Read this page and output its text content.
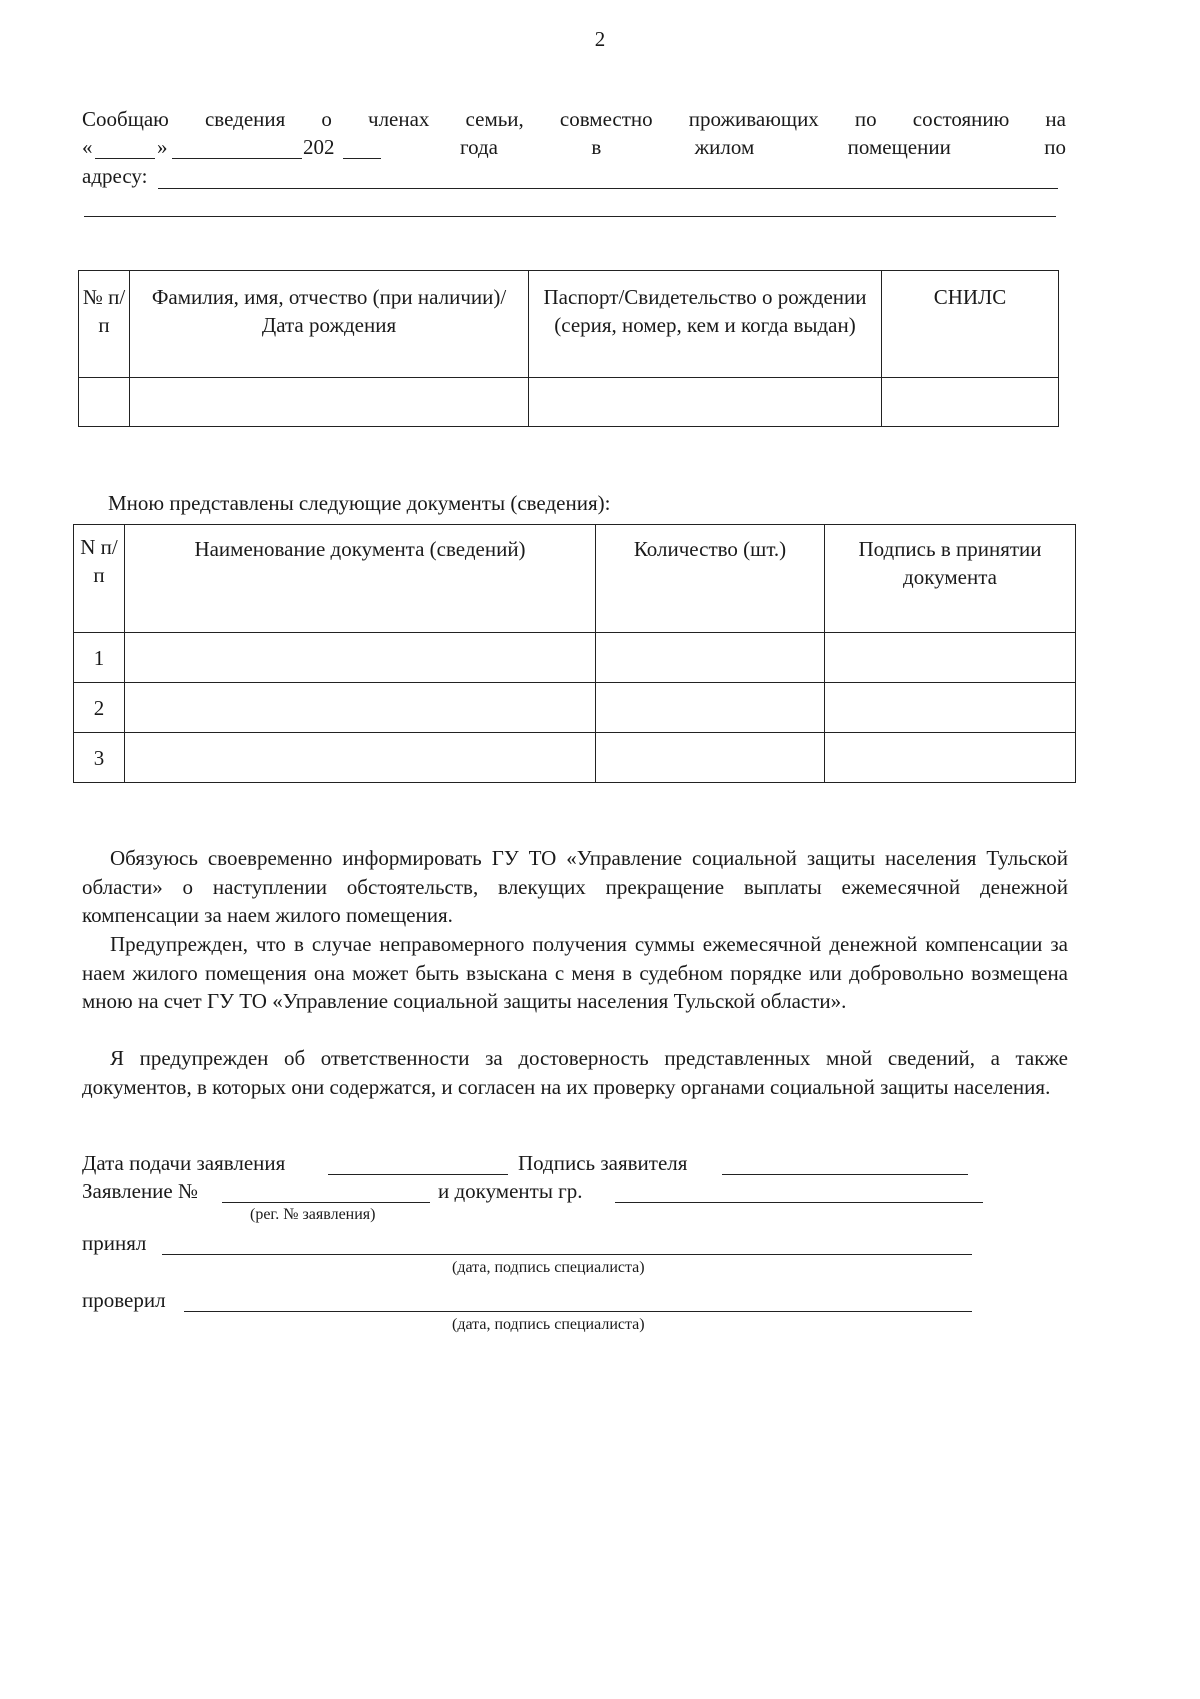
2
Сообщаю сведения о членах семьи, совместно проживающих по состоянию на
«	»	202	года	в	жилом	помещении	по
адресу:
№ п/п	Фамилия, имя, отчество (при наличии)/Дата рождения	Паспорт/Свидетельство о рождении (серия, номер, кем и когда выдан)	СНИЛС

Мною представлены следующие документы (сведения):
N п/ п	Наименование документа (сведений)	Количество (шт.)	Подпись в принятии документа
1			
2			
3			

Обязуюсь своевременно информировать ГУ ТО «Управление социальной защиты населения Тульской области» о наступлении обстоятельств, влекущих прекращение выплаты ежемесячной денежной компенсации за наем жилого помещения.

Предупрежден, что в случае неправомерного получения суммы ежемесячной денежной компенсации за наем жилого помещения она может быть взыскана с меня в судебном порядке или добровольно возмещена мною на счет ГУ ТО «Управление социальной защиты населения Тульской области».

Я предупрежден об ответственности за достоверность представленных мной сведений, а также документов, в которых они содержатся, и согласен на их проверку органами социальной защиты населения.

Дата подачи заявления	Подпись заявителя
Заявление №	и документы гр.
(рег. № заявления)
принял
(дата, подпись специалиста)
проверил
(дата, подпись специалиста)
